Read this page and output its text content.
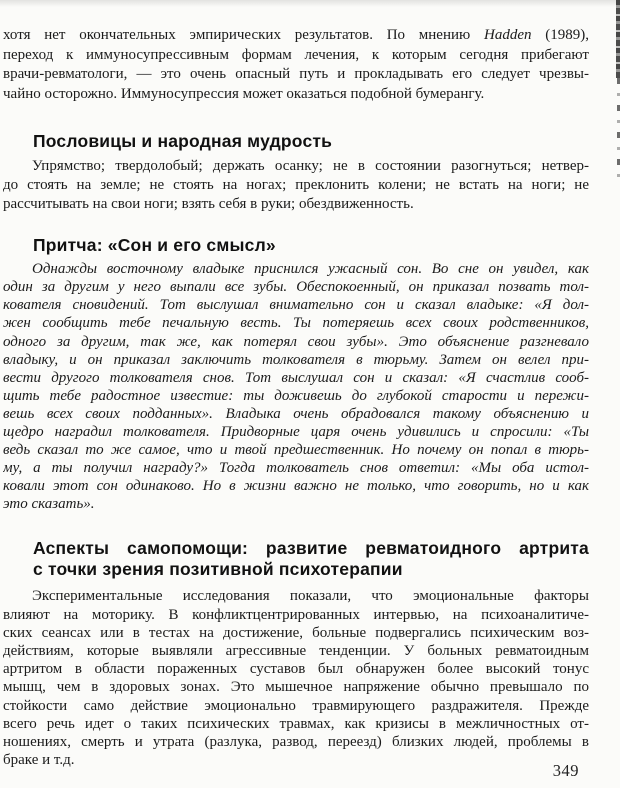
хотя нет окончательных эмпирических результатов. По мнению Hadden (1989),
переход к иммуносупрессивным формам лечения, к которым сегодня прибегают
врачи-ревматологи, — это очень опасный путь и прокладывать его следует чрезвы-
чайно осторожно. Иммуносупрессия может оказаться подобной бумерангу.
Пословицы и народная мудрость
Упрямство; твердолобый; держать осанку; не в состоянии разогнуться; нетвер-
до стоять на земле; не стоять на ногах; преклонить колени; не встать на ноги; не
рассчитывать на свои ноги; взять себя в руки; обездвиженность.
Притча: «Сон и его смысл»
Однажды восточному владыке приснился ужасный сон. Во сне он увидел, как
один за другим у него выпали все зубы. Обеспокоенный, он приказал позвать тол-
кователя сновидений. Тот выслушал внимательно сон и сказал владыке: «Я дол-
жен сообщить тебе печальную весть. Ты потеряешь всех своих родственников,
одного за другим, так же, как потерял свои зубы». Это объяснение разгневало
владыку, и он приказал заключить толкователя в тюрьму. Затем он велел при-
вести другого толкователя снов. Тот выслушал сон и сказал: «Я счастлив сооб-
щить тебе радостное известие: ты доживешь до глубокой старости и пережи-
вешь всех своих подданных». Владыка очень обрадовался такому объяснению и
щедро наградил толкователя. Придворные царя очень удивились и спросили: «Ты
ведь сказал то же самое, что и твой предшественник. Но почему он попал в тюрь-
му, а ты получил награду?» Тогда толкователь снов ответил: «Мы оба истол-
ковали этот сон одинаково. Но в жизни важно не только, что говорить, но и как
это сказать».
Аспекты самопомощи: развитие ревматоидного артрита
с точки зрения позитивной психотерапии
Экспериментальные исследования показали, что эмоциональные факторы
влияют на моторику. В конфликтцентрированных интервью, на психоаналитиче-
ских сеансах или в тестах на достижение, больные подвергались психическим воз-
действиям, которые выявляли агрессивные тенденции. У больных ревматоидным
артритом в области пораженных суставов был обнаружен более высокий тонус
мышц, чем в здоровых зонах. Это мышечное напряжение обычно превышало по
стойкости само действие эмоционально травмирующего раздражителя. Прежде
всего речь идет о таких психических травмах, как кризисы в межличностных от-
ношениях, смерть и утрата (разлука, развод, переезд) близких людей, проблемы в
браке и т.д.
349
